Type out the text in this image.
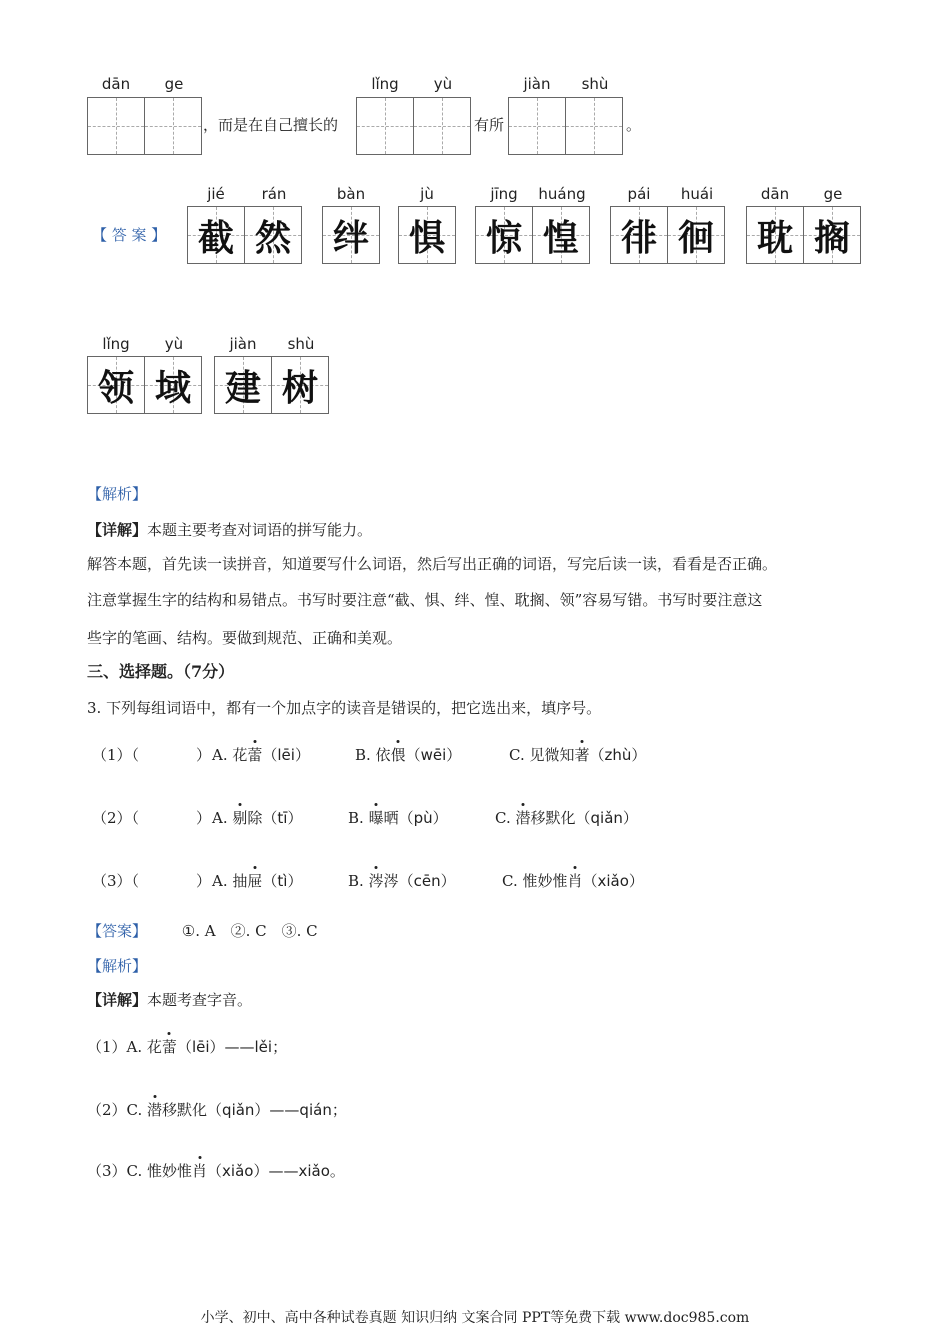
dān	ge
，而是在自己擅长的
lǐng	yù
有所
jiàn	shù
。
【 答 案 】
jié	rán
截 然
bàn
绊
jù
惧
jīng	huáng
惊 惶
pái	huái
徘 徊
dān	ge
耽 搁
lǐng	yù
领 域
jiàn	shù
建 树
【解析】
【详解】本题主要考查对词语的拼写能力。
解答本题，首先读一读拼音，知道要写什么词语，然后写出正确的词语，写完后读一读，看看是否正确。
注意掌握生字的结构和易错点。书写时要注意“截、惧、绊、惶、耽搁、领”容易写错。书写时要注意这
些字的笔画、结构。要做到规范、正确和美观。
三、选择题。（7分）
3. 下列每组词语中，都有一个加点字的读音是错误的，把它选出来，填序号。
（1）（	） A. 花蕾（lēi）	B. 依偎（wēi）	C. 见微知著（zhù）
（2）（	） A. 剔除（tī）	B. 曝晒（pù）	C. 潜移默化（qiǎn）
（3）（	） A. 抽屉（tì）	B. 涔涔（cēn）	C. 惟妙惟肖（xiǎo）
【答案】 ①. A　②. C　③. C
【解析】
【详解】本题考查字音。
（1）A. 花蕾（lēi）——lěi；
（2）C. 潜移默化（qiǎn）——qián；
（3）C. 惟妙惟肖（xiǎo）——xiǎo。
小学、初中、高中各种试卷真题 知识归纳 文案合同 PPT等免费下载 www.doc985.com
